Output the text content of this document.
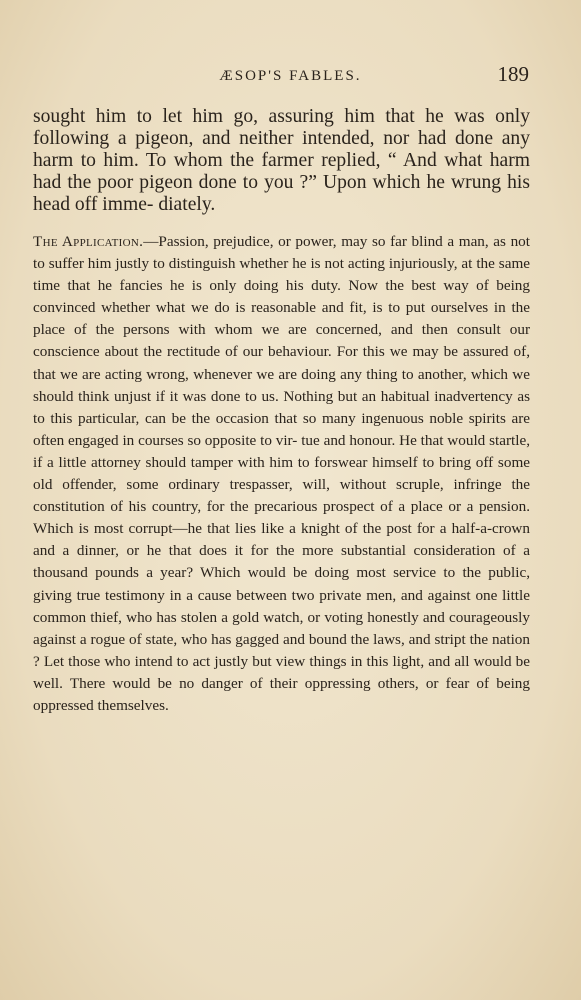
ÆSOP'S FABLES.	189

sought him to let him go, assuring him that he was only following a pigeon, and neither intended, nor had done any harm to him. To whom the farmer replied, “ And what harm had the poor pigeon done to you ?” Upon which he wrung his head off imme- diately.

The Application.—Passion, prejudice, or power, may so far blind a man, as not to suffer him justly to distinguish whether he is not acting injuriously, at the same time that he fancies he is only doing his duty. Now the best way of being convinced whether what we do is reasonable and fit, is to put ourselves in the place of the persons with whom we are concerned, and then consult our conscience about the rectitude of our behaviour. For this we may be assured of, that we are acting wrong, whenever we are doing any thing to another, which we should think unjust if it was done to us. Nothing but an habitual inadvertency as to this particular, can be the occasion that so many ingenuous noble spirits are often engaged in courses so opposite to vir- tue and honour. He that would startle, if a little attorney should tamper with him to forswear himself to bring off some old offender, some ordinary trespasser, will, without scruple, infringe the constitution of his country, for the precarious prospect of a place or a pension. Which is most corrupt—he that lies like a knight of the post for a half-a-crown and a dinner, or he that does it for the more substantial consideration of a thousand pounds a year? Which would be doing most service to the public, giving true testimony in a cause between two private men, and against one little common thief, who has stolen a gold watch, or voting honestly and courageously against a rogue of state, who has gagged and bound the laws, and stript the nation ? Let those who intend to act justly but view things in this light, and all would be well. There would be no danger of their oppressing others, or fear of being oppressed themselves.
